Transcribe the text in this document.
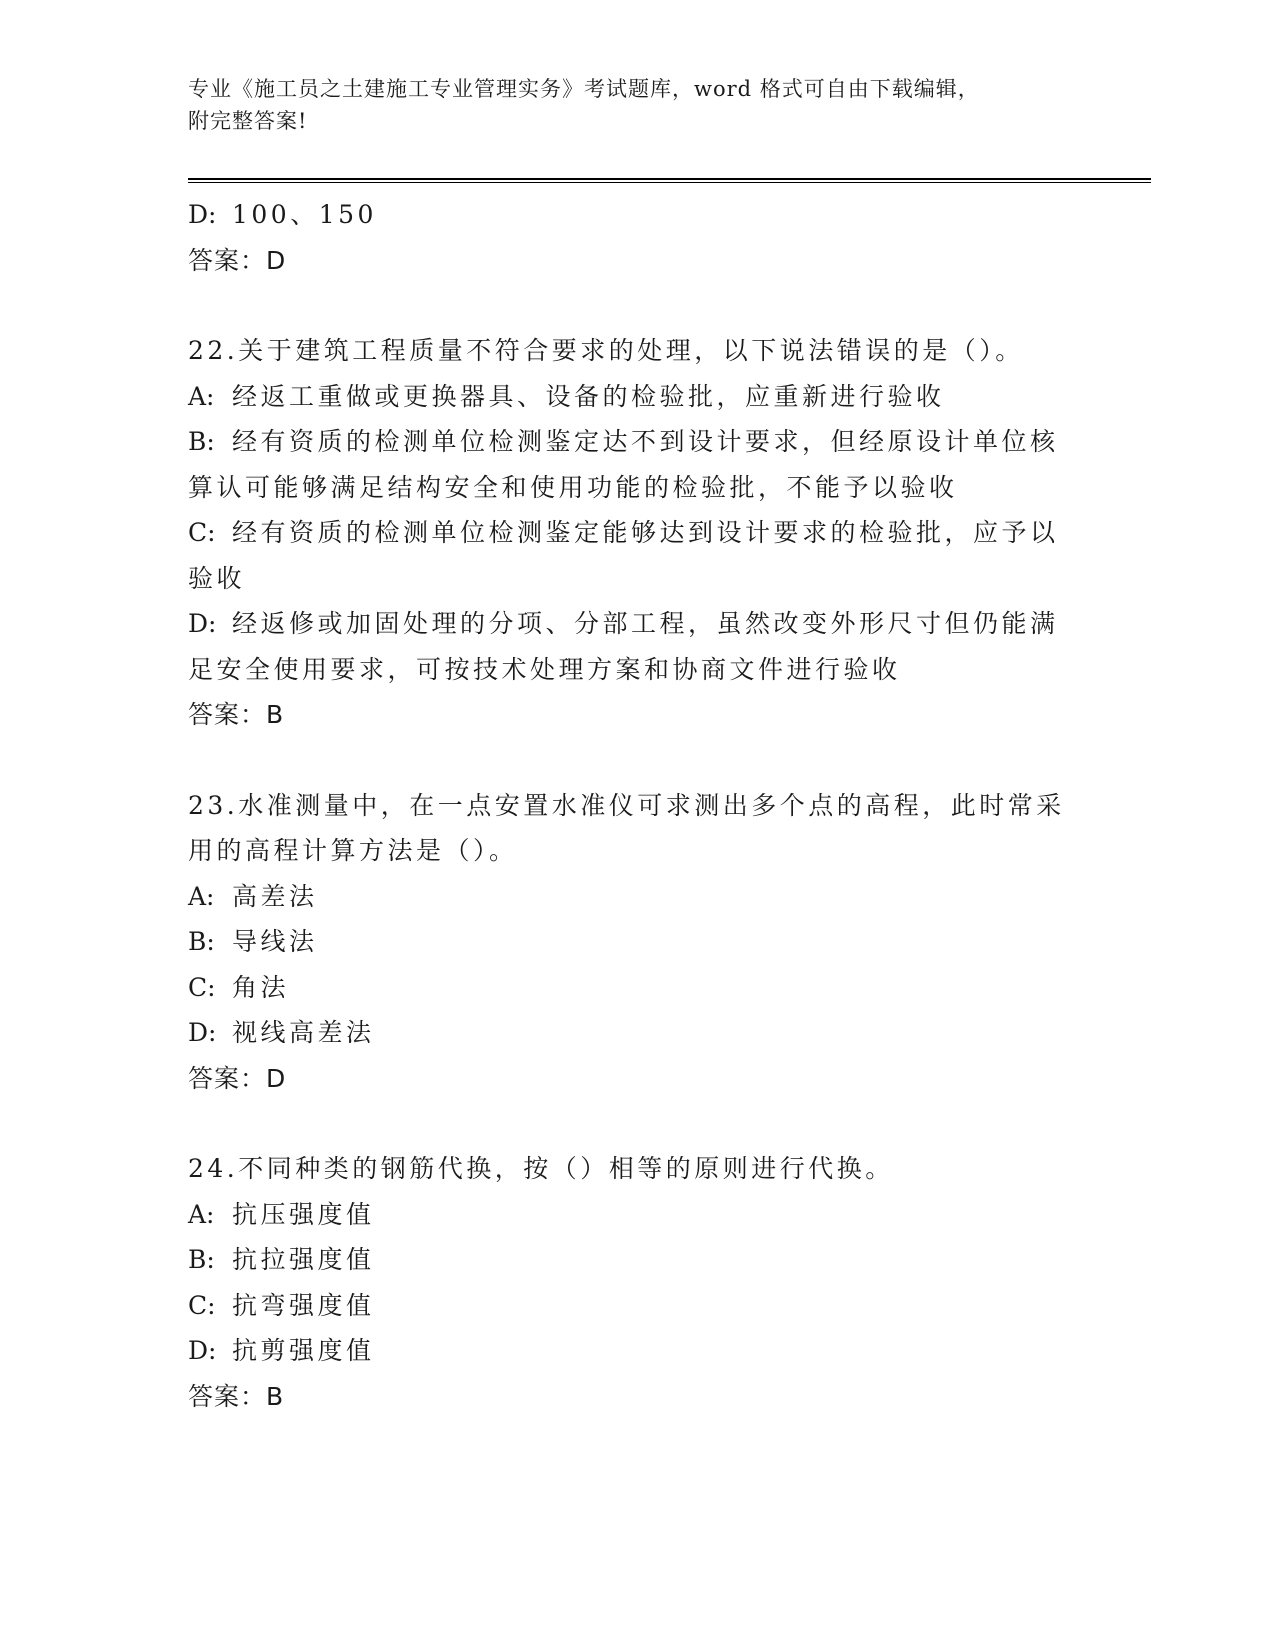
专业《施工员之土建施工专业管理实务》考试题库，word 格式可自由下载编辑，
附完整答案!
D: 100、150
答案：D
22.关于建筑工程质量不符合要求的处理，以下说法错误的是（）。
A: 经返工重做或更换器具、设备的检验批，应重新进行验收
B: 经有资质的检测单位检测鉴定达不到设计要求，但经原设计单位核算认可能够满足结构安全和使用功能的检验批，不能予以验收
C: 经有资质的检测单位检测鉴定能够达到设计要求的检验批，应予以验收
D: 经返修或加固处理的分项、分部工程，虽然改变外形尺寸但仍能满足安全使用要求，可按技术处理方案和协商文件进行验收
答案：B
23.水准测量中，在一点安置水准仪可求测出多个点的高程，此时常采用的高程计算方法是（）。
A: 高差法
B: 导线法
C: 角法
D: 视线高差法
答案：D
24.不同种类的钢筋代换，按（）相等的原则进行代换。
A: 抗压强度值
B: 抗拉强度值
C: 抗弯强度值
D: 抗剪强度值
答案：B
